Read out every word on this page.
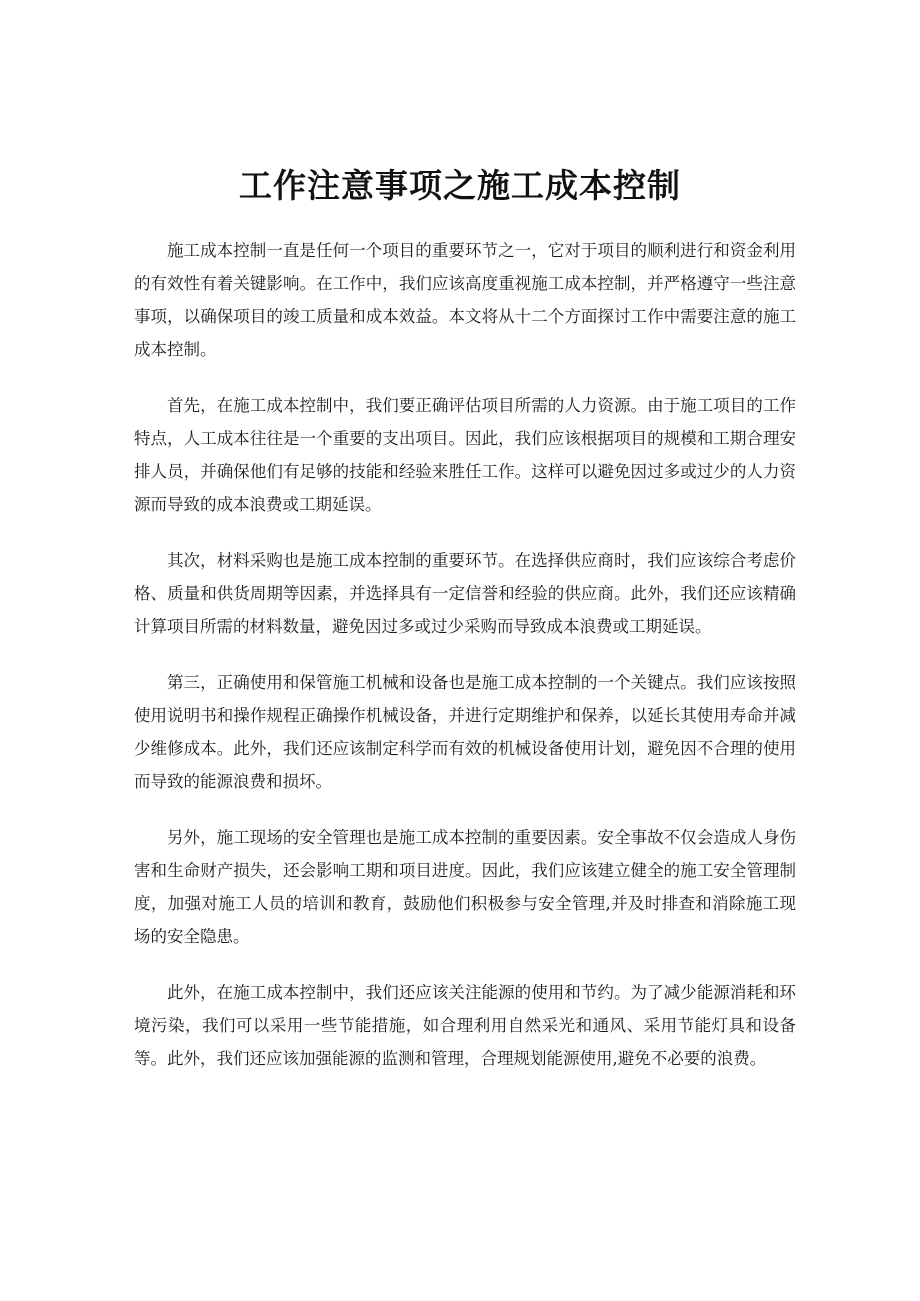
工作注意事项之施工成本控制

施工成本控制一直是任何一个项目的重要环节之一，它对于项目的顺利进行和资金利用的有效性有着关键影响。在工作中，我们应该高度重视施工成本控制，并严格遵守一些注意事项，以确保项目的竣工质量和成本效益。本文将从十二个方面探讨工作中需要注意的施工成本控制。

首先，在施工成本控制中，我们要正确评估项目所需的人力资源。由于施工项目的工作特点，人工成本往往是一个重要的支出项目。因此，我们应该根据项目的规模和工期合理安排人员，并确保他们有足够的技能和经验来胜任工作。这样可以避免因过多或过少的人力资源而导致的成本浪费或工期延误。

其次，材料采购也是施工成本控制的重要环节。在选择供应商时，我们应该综合考虑价格、质量和供货周期等因素，并选择具有一定信誉和经验的供应商。此外，我们还应该精确计算项目所需的材料数量，避免因过多或过少采购而导致成本浪费或工期延误。

第三，正确使用和保管施工机械和设备也是施工成本控制的一个关键点。我们应该按照使用说明书和操作规程正确操作机械设备，并进行定期维护和保养，以延长其使用寿命并减少维修成本。此外，我们还应该制定科学而有效的机械设备使用计划，避免因不合理的使用而导致的能源浪费和损坏。

另外，施工现场的安全管理也是施工成本控制的重要因素。安全事故不仅会造成人身伤害和生命财产损失，还会影响工期和项目进度。因此，我们应该建立健全的施工安全管理制度，加强对施工人员的培训和教育，鼓励他们积极参与安全管理,并及时排查和消除施工现场的安全隐患。

此外，在施工成本控制中，我们还应该关注能源的使用和节约。为了减少能源消耗和环境污染，我们可以采用一些节能措施，如合理利用自然采光和通风、采用节能灯具和设备等。此外，我们还应该加强能源的监测和管理，合理规划能源使用,避免不必要的浪费。
